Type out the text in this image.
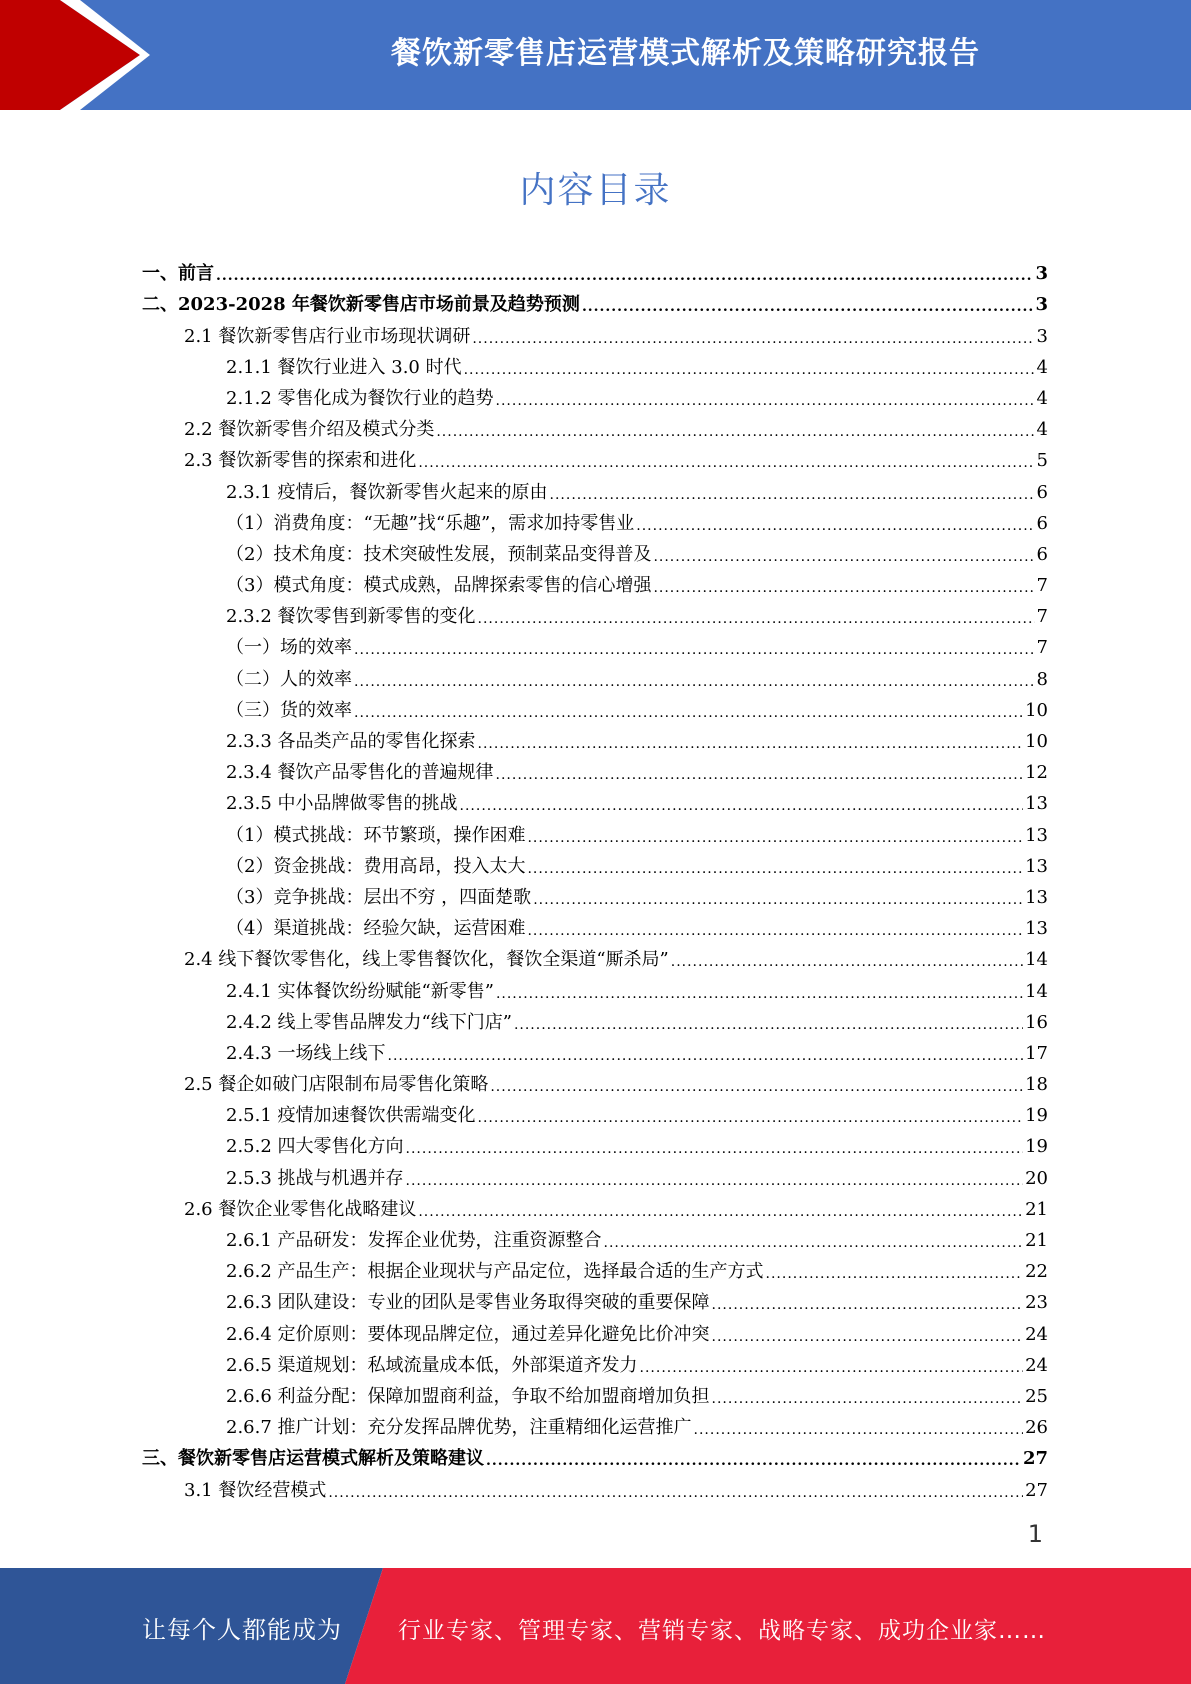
餐饮新零售店运营模式解析及策略研究报告
内容目录
一、前言 .....	3
二、2023-2028 年餐饮新零售店市场前景及趋势预测 .....	3
2.1 餐饮新零售店行业市场现状调研 .....	3
2.1.1 餐饮行业进入 3.0 时代 .....	4
2.1.2 零售化成为餐饮行业的趋势 .....	4
2.2 餐饮新零售介绍及模式分类 .....	4
2.3 餐饮新零售的探索和进化 .....	5
2.3.1 疫情后，餐饮新零售火起来的原由 .....	6
（1）消费角度：“无趣”找“乐趣”，需求加持零售业 .....	6
（2）技术角度：技术突破性发展，预制菜品变得普及 .....	6
（3）模式角度：模式成熟，品牌探索零售的信心增强 .....	7
2.3.2 餐饮零售到新零售的变化 .....	7
（一）场的效率 .....	7
（二）人的效率 .....	8
（三）货的效率 .....	10
2.3.3 各品类产品的零售化探索 .....	10
2.3.4 餐饮产品零售化的普遍规律 .....	12
2.3.5 中小品牌做零售的挑战 .....	13
（1）模式挑战：环节繁琐，操作困难 .....	13
（2）资金挑战：费用高昂，投入太大 .....	13
（3）竞争挑战：层出不穷 ，四面楚歌 .....	13
（4）渠道挑战：经验欠缺，运营困难 .....	13
2.4 线下餐饮零售化，线上零售餐饮化，餐饮全渠道“厮杀局” .....	14
2.4.1 实体餐饮纷纷赋能“新零售” .....	14
2.4.2 线上零售品牌发力“线下门店” .....	16
2.4.3 一场线上线下 .....	17
2.5 餐企如破门店限制布局零售化策略 .....	18
2.5.1 疫情加速餐饮供需端变化 .....	19
2.5.2 四大零售化方向 .....	19
2.5.3 挑战与机遇并存 .....	20
2.6 餐饮企业零售化战略建议 .....	21
2.6.1 产品研发：发挥企业优势，注重资源整合 .....	21
2.6.2 产品生产：根据企业现状与产品定位，选择最合适的生产方式 .....	22
2.6.3 团队建设：专业的团队是零售业务取得突破的重要保障 .....	23
2.6.4 定价原则：要体现品牌定位，通过差异化避免比价冲突 .....	24
2.6.5 渠道规划：私域流量成本低，外部渠道齐发力 .....	24
2.6.6 利益分配：保障加盟商利益，争取不给加盟商增加负担 .....	25
2.6.7 推广计划：充分发挥品牌优势，注重精细化运营推广 .....	26
三、餐饮新零售店运营模式解析及策略建议 .....	27
3.1 餐饮经营模式 .....	27
1
让每个人都能成为 行业专家、管理专家、营销专家、战略专家、成功企业家……
